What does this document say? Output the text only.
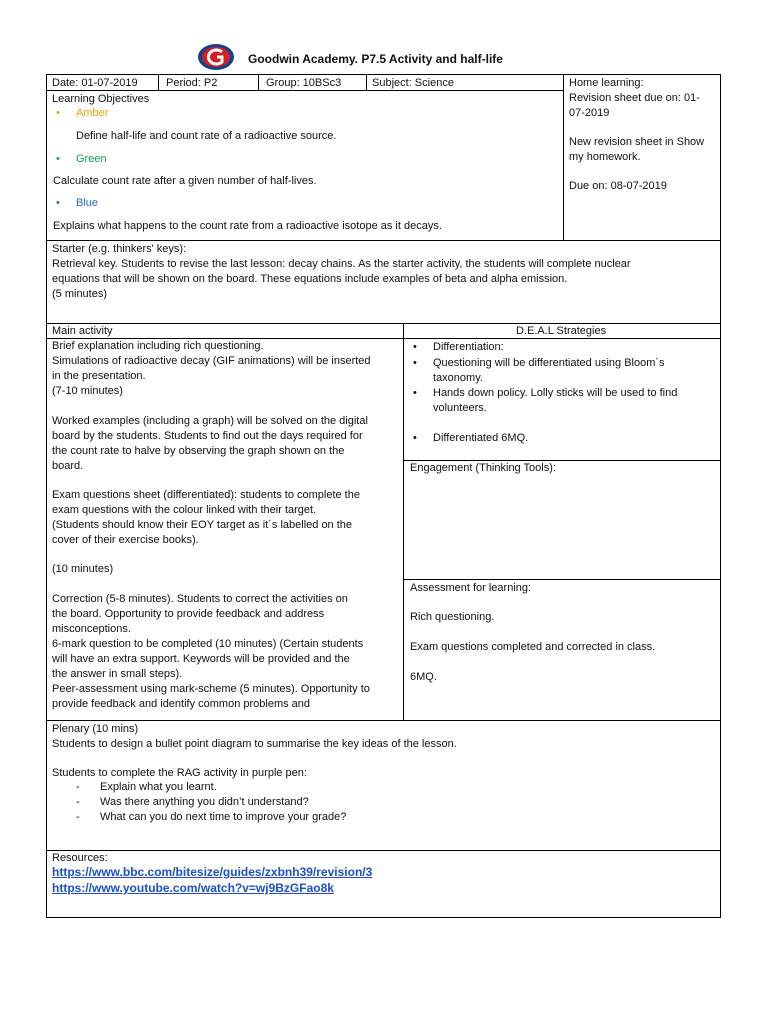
Goodwin Academy. P7.5 Activity and half-life
Date: 01-07-2019	Period: P2	Group: 10BSc3	Subject: Science	Home learning:
Revision sheet due on: 01-
07-2019
New revision sheet in Show
my homework.
Due on: 08-07-2019
Learning Objectives
• Amber
Define half-life and count rate of a radioactive source.
• Green
Calculate count rate after a given number of half-lives.
• Blue
Explains what happens to the count rate from a radioactive isotope as it decays.
Starter (e.g. thinkers' keys):
Retrieval key. Students to revise the last lesson: decay chains. As the starter activity, the students will complete nuclear
equations that will be shown on the board. These equations include examples of beta and alpha emission.
(5 minutes)
Main activity
Brief explanation including rich questioning.
Simulations of radioactive decay (GIF animations) will be inserted
in the presentation.
(7-10 minutes)
Worked examples (including a graph) will be solved on the digital
board by the students. Students to find out the days required for
the count rate to halve by observing the graph shown on the
board.
Exam questions sheet (differentiated): students to complete the
exam questions with the colour linked with their target.
(Students should know their EOY target as it´s labelled on the
cover of their exercise books).
(10 minutes)
Correction (5-8 minutes). Students to correct the activities on
the board. Opportunity to provide feedback and address
misconceptions.
6-mark question to be completed (10 minutes) (Certain students
will have an extra support. Keywords will be provided and the
the answer in small steps).
Peer-assessment using mark-scheme (5 minutes). Opportunity to
provide feedback and identify common problems and
D.E.A.L Strategies
• Differentiation:
• Questioning will be differentiated using Bloom´s
taxonomy.
• Hands down policy. Lolly sticks will be used to find
volunteers.
• Differentiated 6MQ.
Engagement (Thinking Tools):
Assessment for learning:
Rich questioning.
Exam questions completed and corrected in class.
6MQ.
Plenary (10 mins)
Students to design a bullet point diagram to summarise the key ideas of the lesson.
Students to complete the RAG activity in purple pen:
- Explain what you learnt.
- Was there anything you didn’t understand?
- What can you do next time to improve your grade?
Resources:
https://www.bbc.com/bitesize/guides/zxbnh39/revision/3
https://www.youtube.com/watch?v=wj9BzGFao8k
